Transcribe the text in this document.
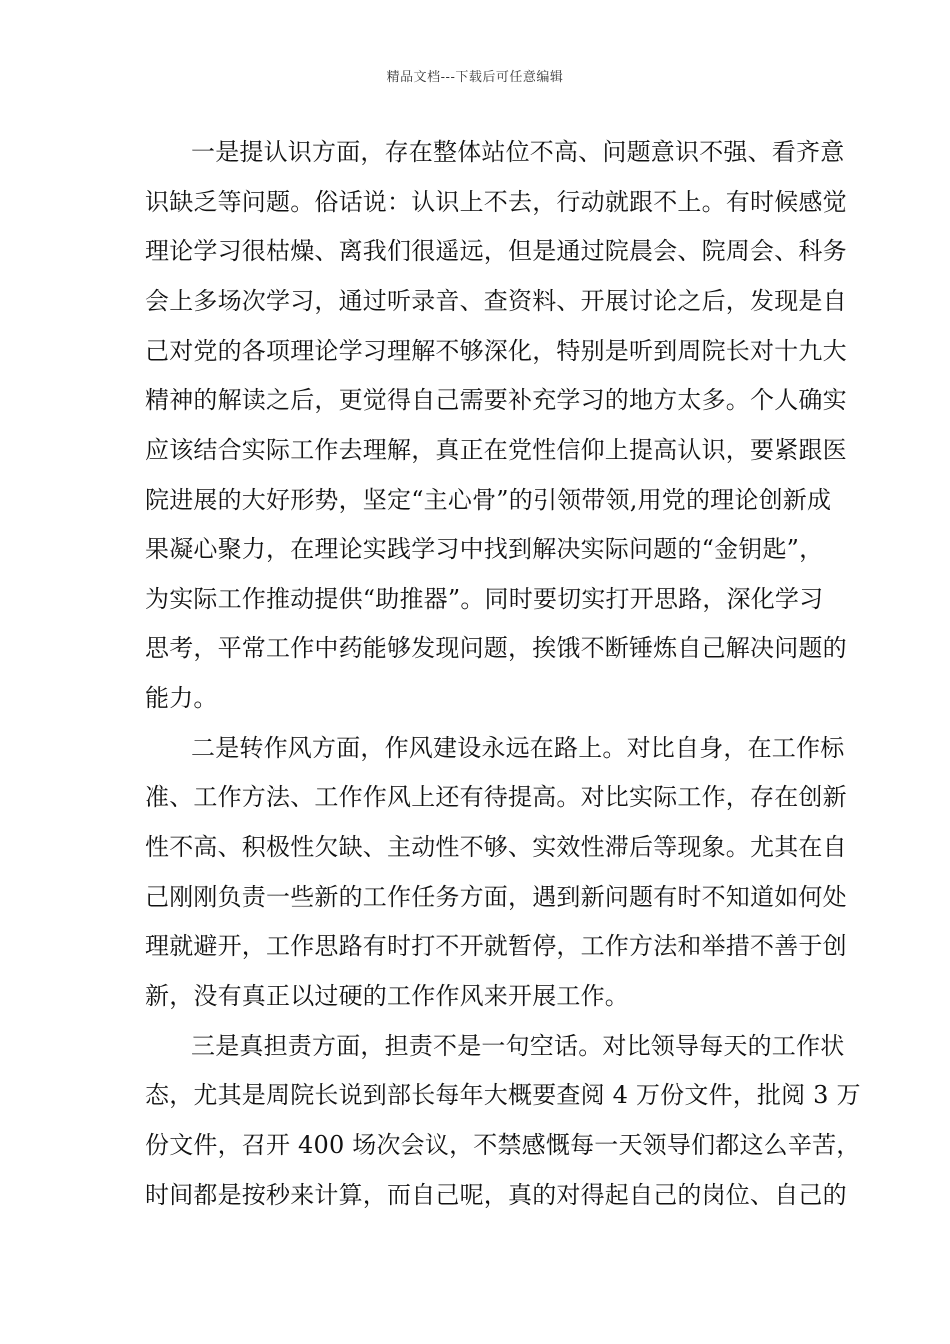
精品文档---下载后可任意编辑
一是提认识方面，存在整体站位不高、问题意识不强、看齐意
识缺乏等问题。俗话说：认识上不去，行动就跟不上。有时候感觉
理论学习很枯燥、离我们很遥远，但是通过院晨会、院周会、科务
会上多场次学习，通过听录音、查资料、开展讨论之后，发现是自
己对党的各项理论学习理解不够深化，特别是听到周院长对十九大
精神的解读之后，更觉得自己需要补充学习的地方太多。个人确实
应该结合实际工作去理解，真正在党性信仰上提高认识，要紧跟医
院进展的大好形势，坚定“主心骨”的引领带领,用党的理论创新成
果凝心聚力，在理论实践学习中找到解决实际问题的“金钥匙”，
为实际工作推动提供“助推器”。同时要切实打开思路，深化学习
思考，平常工作中药能够发现问题，挨饿不断锤炼自己解决问题的
能力。
二是转作风方面，作风建设永远在路上。对比自身，在工作标
准、工作方法、工作作风上还有待提高。对比实际工作，存在创新
性不高、积极性欠缺、主动性不够、实效性滞后等现象。尤其在自
己刚刚负责一些新的工作任务方面，遇到新问题有时不知道如何处
理就避开，工作思路有时打不开就暂停，工作方法和举措不善于创
新，没有真正以过硬的工作作风来开展工作。
三是真担责方面，担责不是一句空话。对比领导每天的工作状
态，尤其是周院长说到部长每年大概要查阅 4 万份文件，批阅 3 万
份文件，召开 400 场次会议，不禁感慨每一天领导们都这么辛苦，
时间都是按秒来计算，而自己呢，真的对得起自己的岗位、自己的
